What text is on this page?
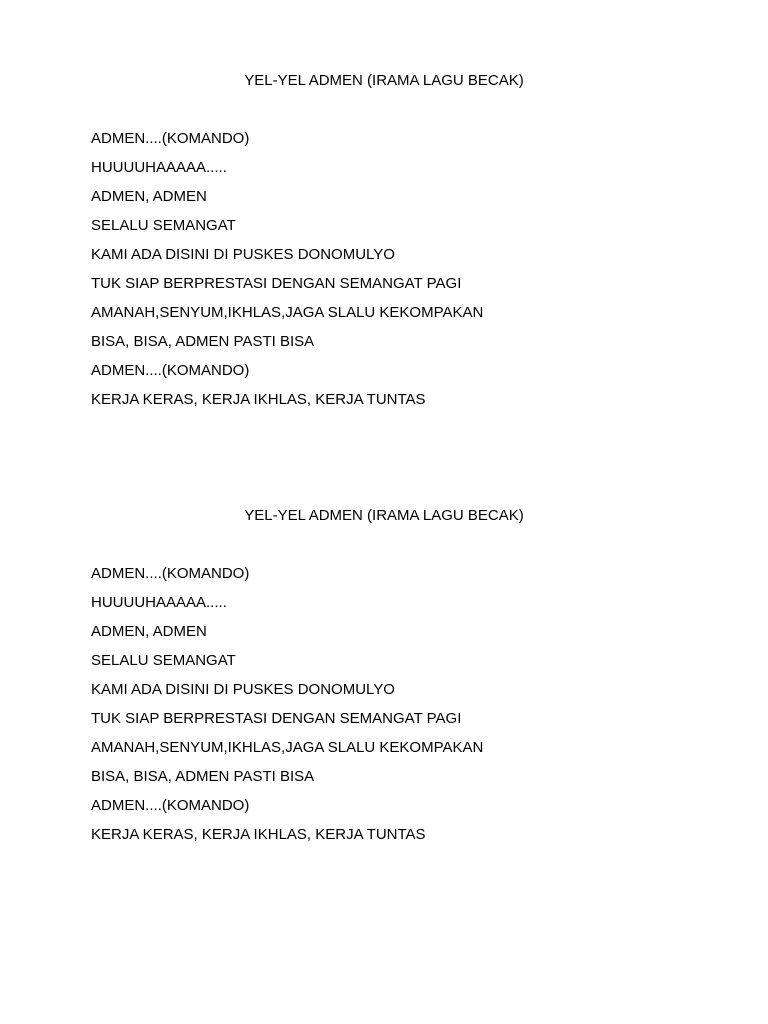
YEL-YEL ADMEN (IRAMA LAGU BECAK)
ADMEN....(KOMANDO)
HUUUUHAAAAA.....
ADMEN, ADMEN
SELALU SEMANGAT
KAMI ADA DISINI DI PUSKES DONOMULYO
TUK SIAP BERPRESTASI DENGAN SEMANGAT PAGI
AMANAH,SENYUM,IKHLAS,JAGA SLALU KEKOMPAKAN
BISA, BISA, ADMEN PASTI BISA
ADMEN....(KOMANDO)
KERJA KERAS, KERJA IKHLAS, KERJA TUNTAS
YEL-YEL ADMEN (IRAMA LAGU BECAK)
ADMEN....(KOMANDO)
HUUUUHAAAAA.....
ADMEN, ADMEN
SELALU SEMANGAT
KAMI ADA DISINI DI PUSKES DONOMULYO
TUK SIAP BERPRESTASI DENGAN SEMANGAT PAGI
AMANAH,SENYUM,IKHLAS,JAGA SLALU KEKOMPAKAN
BISA, BISA, ADMEN PASTI BISA
ADMEN....(KOMANDO)
KERJA KERAS, KERJA IKHLAS, KERJA TUNTAS
